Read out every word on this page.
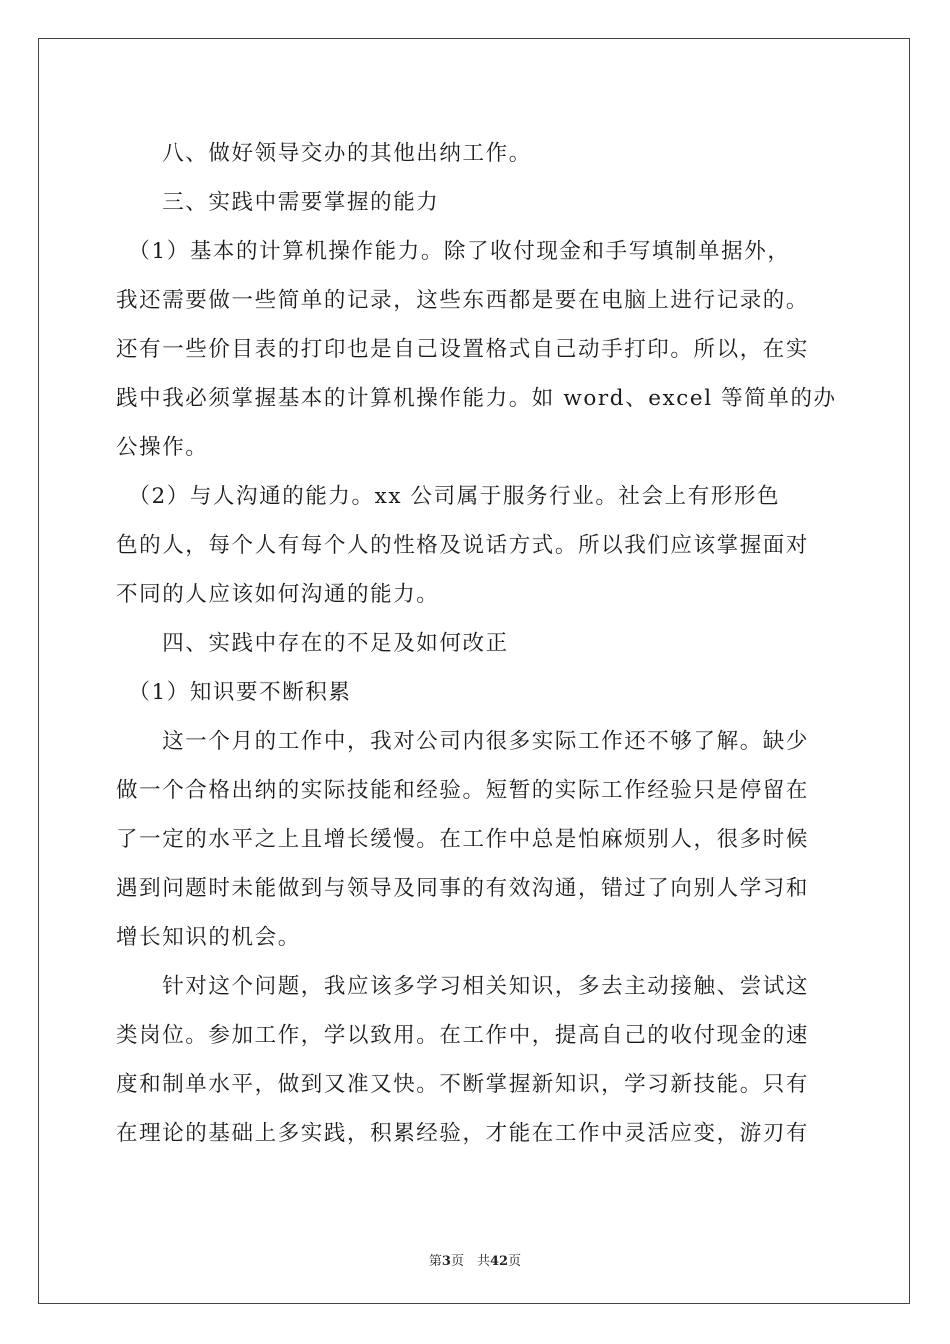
　　八、做好领导交办的其他出纳工作。
　　三、实践中需要掌握的能力
　（1）基本的计算机操作能力。除了收付现金和手写填制单据外，
我还需要做一些简单的记录，这些东西都是要在电脑上进行记录的。
还有一些价目表的打印也是自己设置格式自己动手打印。所以，在实
践中我必须掌握基本的计算机操作能力。如 word、excel 等简单的办
公操作。
　（2）与人沟通的能力。xx 公司属于服务行业。社会上有形形色
色的人，每个人有每个人的性格及说话方式。所以我们应该掌握面对
不同的人应该如何沟通的能力。
　　四、实践中存在的不足及如何改正
　（1）知识要不断积累
　　这一个月的工作中，我对公司内很多实际工作还不够了解。缺少
做一个合格出纳的实际技能和经验。短暂的实际工作经验只是停留在
了一定的水平之上且增长缓慢。在工作中总是怕麻烦别人，很多时候
遇到问题时未能做到与领导及同事的有效沟通，错过了向别人学习和
增长知识的机会。
　　针对这个问题，我应该多学习相关知识，多去主动接触、尝试这
类岗位。参加工作，学以致用。在工作中，提高自己的收付现金的速
度和制单水平，做到又准又快。不断掌握新知识，学习新技能。只有
在理论的基础上多实践，积累经验，才能在工作中灵活应变，游刃有
第3页　共42页
